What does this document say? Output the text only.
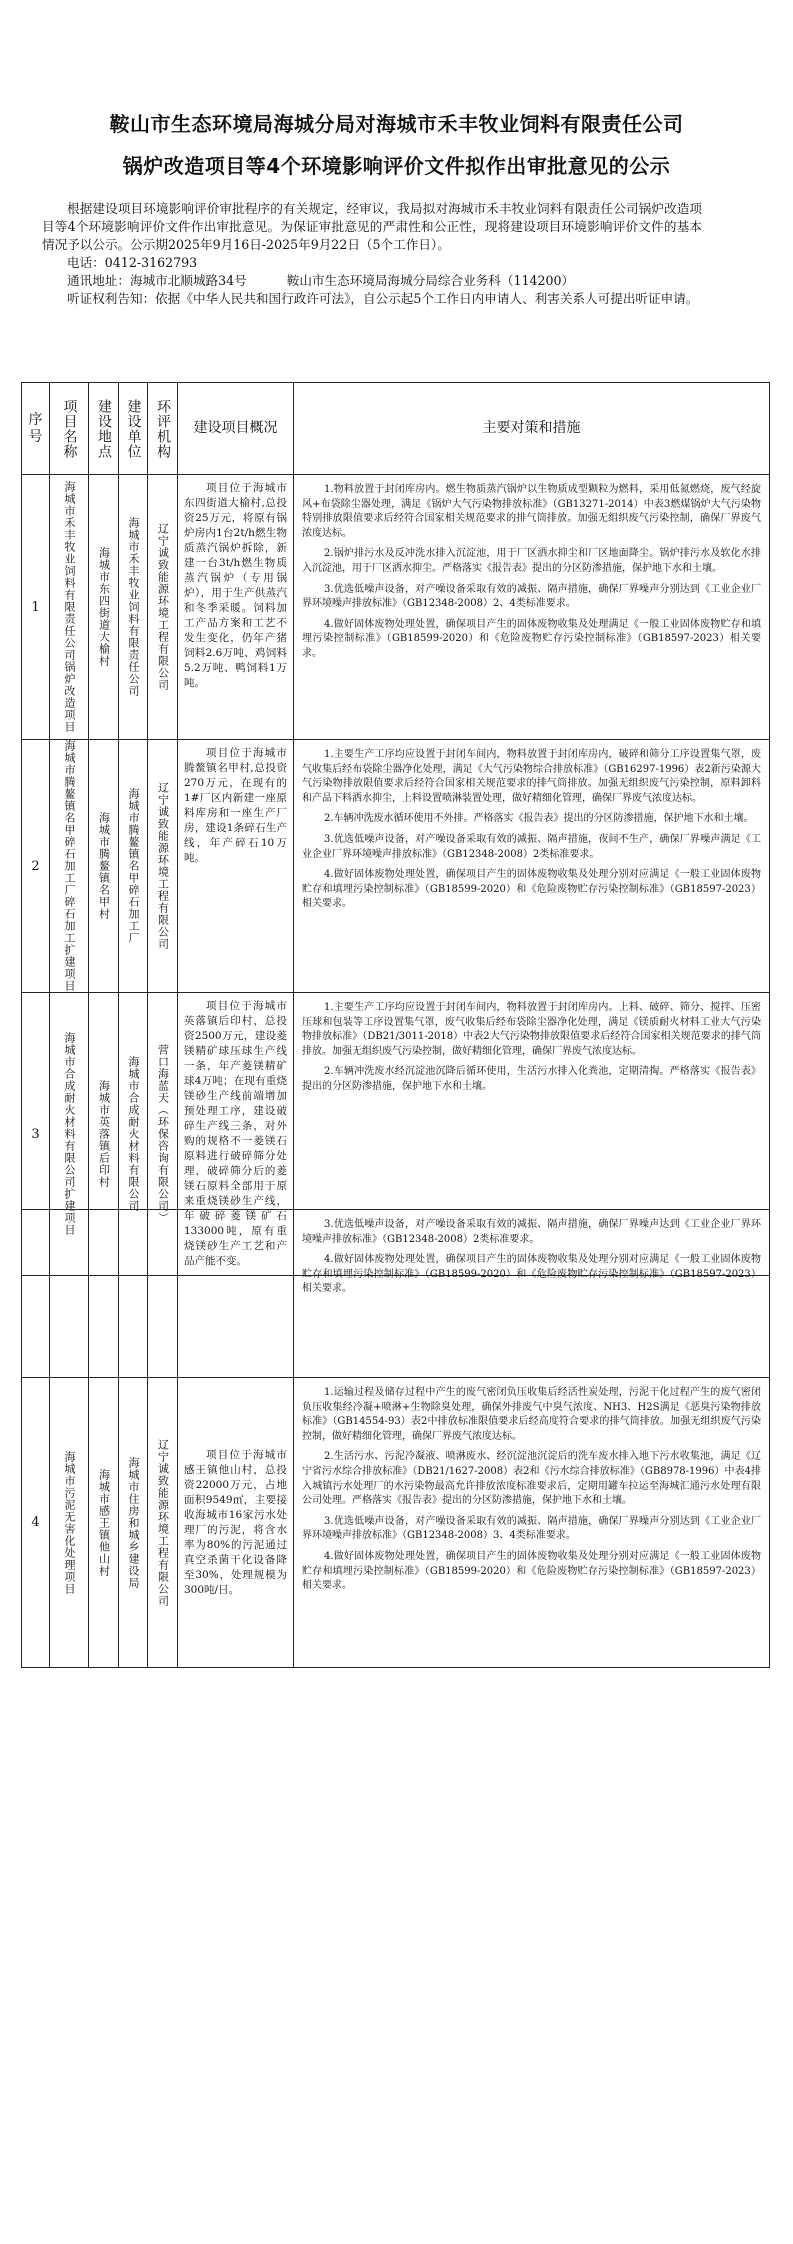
鞍山市生态环境局海城分局对海城市禾丰牧业饲料有限责任公司
锅炉改造项目等4个环境影响评价文件拟作出审批意见的公示

根据建设项目环境影响评价审批程序的有关规定，经审议，我局拟对海城市禾丰牧业饲料有限责任公司锅炉改造项目等4个环境影响评价文件作出审批意见。为保证审批意见的严肃性和公正性，现将建设项目环境影响评价文件的基本情况予以公示。公示期2025年9月16日-2025年9月22日（5个工作日）。

电话：0412-3162793
通讯地址：海城市北顺城路34号	鞍山市生态环境局海城分局综合业务科（114200）

听证权利告知：依据《中华人民共和国行政许可法》，自公示起5个工作日内申请人、利害关系人可提出听证申请。

序号	项目名称	建设地点	建设单位	环评机构	建设项目概况	主要对策和措施
1	海城市禾丰牧业饲料有限责任公司锅炉改造项目	海城市东四街道大榆村	海城市禾丰牧业饲料有限责任公司	辽宁诚致能源环境工程有限公司	项目位于海城市东四街道大榆村,总投资25万元，将原有锅炉房内1台2t/h燃生物质蒸汽锅炉拆除，新建一台3t/h燃生物质蒸汽锅炉（专用锅炉），用于生产供蒸汽和冬季采暖。饲料加工产品方案和工艺不发生变化，仍年产猪饲料2.6万吨、鸡饲料5.2万吨、鸭饲料1万吨。	1.物料放置于封闭库房内。燃生物质蒸汽锅炉以生物质成型颗粒为燃料，采用低氮燃烧，废气经旋风+布袋除尘器处理，满足《锅炉大气污染物排放标准》（GB13271-2014）中表3燃煤锅炉大气污染物特别排放限值要求后经符合国家相关规范要求的排气筒排放。加强无组织废气污染控制，确保厂界废气浓度达标。

2.锅炉排污水及反冲洗水排入沉淀池，用于厂区洒水抑尘和厂区地面降尘。锅炉排污水及软化水排入沉淀池，用于厂区洒水抑尘。严格落实《报告表》提出的分区防渗措施，保护地下水和土壤。

3.优选低噪声设备，对产噪设备采取有效的减振、隔声措施，确保厂界噪声分别达到《工业企业厂界环境噪声排放标准》（GB12348-2008）2、4类标准要求。

4.做好固体废物处理处置，确保项目产生的固体废物收集及处理满足《一般工业固体废物贮存和填埋污染控制标准》（GB18599-2020）和《危险废物贮存污染控制标准》（GB18597-2023）相关要求。

2	海城市腾鳌镇名甲碎石加工厂碎石加工扩建项目	海城市腾鳌镇名甲村	海城市腾鳌镇名甲碎石加工厂	辽宁诚致能源环境工程有限公司	项目位于海城市腾鳌镇名甲村,总投资270万元，在现有的1#厂区内新建一座原料库房和一座生产厂房，建设1条碎石生产线，年产碎石10万吨。	1.主要生产工序均应设置于封闭车间内，物料放置于封闭库房内，破碎和筛分工序设置集气罩，废气收集后经布袋除尘器净化处理，满足《大气污染物综合排放标准》（GB16297-1996）表2新污染源大气污染物排放限值要求后经符合国家相关规范要求的排气筒排放。加强无组织废气污染控制，原料卸料和产品下料洒水抑尘，上料设置喷淋装置处理，做好精细化管理，确保厂界废气浓度达标。

2.车辆冲洗废水循环使用不外排。严格落实《报告表》提出的分区防渗措施，保护地下水和土壤。

3.优选低噪声设备，对产噪设备采取有效的减振、隔声措施，夜间不生产，确保厂界噪声满足《工业企业厂界环境噪声排放标准》（GB12348-2008）2类标准要求。

4.做好固体废物处理处置，确保项目产生的固体废物收集及处理分别对应满足《一般工业固体废物贮存和填埋污染控制标准》（GB18599-2020）和《危险废物贮存污染控制标准》（GB18597-2023）相关要求。

3	海城市合成耐火材料有限公司扩建项目	海城市英落镇后印村	海城市合成耐火材料有限公司	营口海蓝天（环保咨询有限公司）	项目位于海城市英落镇后印村，总投资2500万元，建设菱镁精矿球压球生产线一条，年产菱镁精矿球4万吨；在现有重烧镁砂生产线前端增加预处理工序，建设破碎生产线三条，对外购的规格不一菱镁石原料进行破碎筛分处理，破碎筛分后的菱镁石原料全部用于原来重烧镁砂生产线，年破碎菱镁矿石133000吨，原有重烧镁砂生产工艺和产品产能不变。	1.主要生产工序均应设置于封闭车间内，物料放置于封闭库房内。上料、破碎、筛分、搅拌、压密压球和包装等工序设置集气罩，废气收集后经布袋除尘器净化处理，满足《镁质耐火材料工业大气污染物排放标准》（DB21/3011-2018）中表2大气污染物排放限值要求后经符合国家相关规范要求的排气筒排放。加强无组织废气污染控制，做好精细化管理，确保厂界废气浓度达标。

2.车辆冲洗废水经沉淀池沉降后循环使用，生活污水排入化粪池，定期清掏。严格落实《报告表》提出的分区防渗措施，保护地下水和土壤。

						3.优选低噪声设备，对产噪设备采取有效的减振、隔声措施，确保厂界噪声达到《工业企业厂界环境噪声排放标准》（GB12348-2008）2类标准要求。

4.做好固体废物处理处置，确保项目产生的固体废物收集及处理分别对应满足《一般工业固体废物贮存和填埋污染控制标准》（GB18599-2020）和《危险废物贮存污染控制标准》（GB18597-2023）相关要求。

4	海城市污泥无害化处理项目	海城市感王镇他山村	海城市住房和城乡建设局	辽宁诚致能源环境工程有限公司	项目位于海城市感王镇他山村，总投资22000万元，占地面积9549㎡，主要接收海城市16家污水处理厂的污泥，将含水率为80%的污泥通过真空杀菌干化设备降至30%，处理规模为300吨/日。	1.运输过程及储存过程中产生的废气密闭负压收集后经活性炭处理，污泥干化过程产生的废气密闭负压收集经冷凝+喷淋+生物除臭处理，确保外排废气中臭气浓度、NH3、H2S满足《恶臭污染物排放标准》（GB14554-93）表2中排放标准限值要求后经高度符合要求的排气筒排放。加强无组织废气污染控制，做好精细化管理，确保厂界废气浓度达标。

2.生活污水、污泥冷凝液、喷淋废水、经沉淀池沉淀后的洗车废水排入地下污水收集池，满足《辽宁省污水综合排放标准》（DB21/1627-2008）表2和《污水综合排放标准》（GB8978-1996）中表4排入城镇污水处理厂的水污染物最高允许排放浓度标准要求后，定期用罐车拉运至海城汇通污水处理有限公司处理。严格落实《报告表》提出的分区防渗措施，保护地下水和土壤。

3.优选低噪声设备，对产噪设备采取有效的减振、隔声措施，确保厂界噪声分别达到《工业企业厂界环境噪声排放标准》（GB12348-2008）3、4类标准要求。

4.做好固体废物处理处置，确保项目产生的固体废物收集及处理分别对应满足《一般工业固体废物贮存和填埋污染控制标准》（GB18599-2020）和《危险废物贮存污染控制标准》（GB18597-2023）相关要求。
